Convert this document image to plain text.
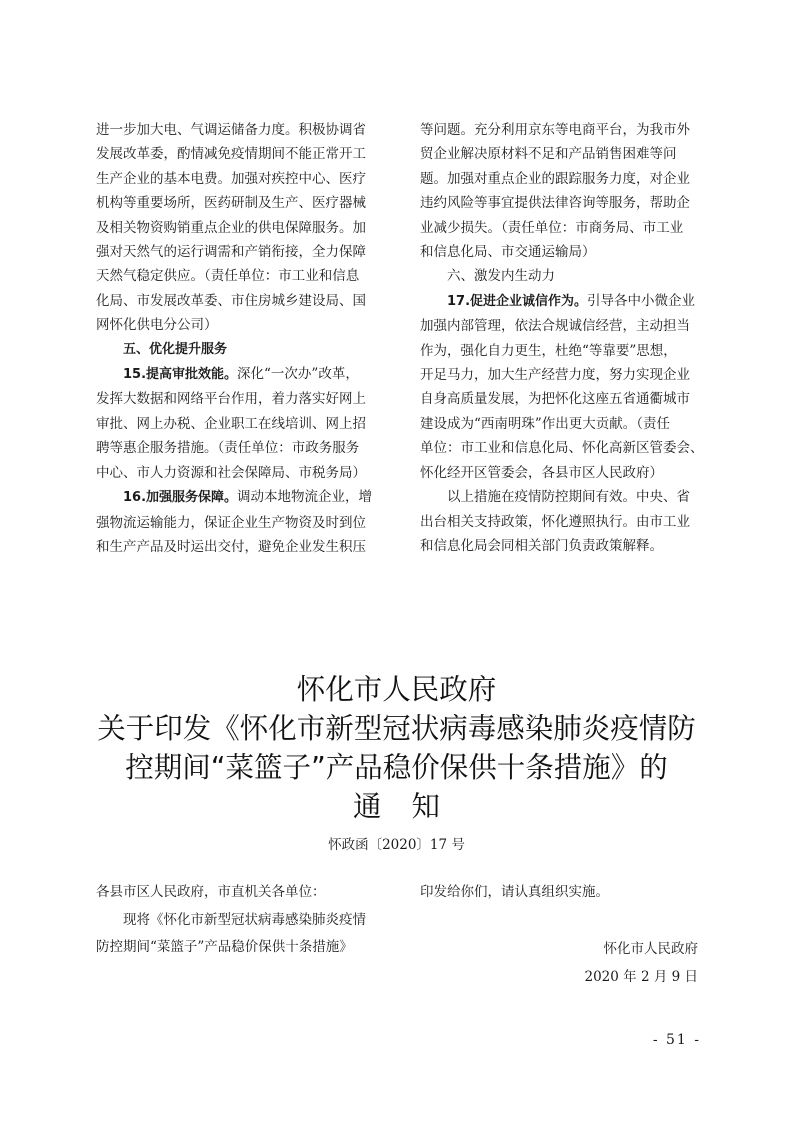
进一步加大电、气调运储备力度。积极协调省

发展改革委，酌情减免疫情期间不能正常开工

生产企业的基本电费。加强对疾控中心、医疗

机构等重要场所，医药研制及生产、医疗器械

及相关物资购销重点企业的供电保障服务。加

强对天然气的运行调需和产销衔接，全力保障

天然气稳定供应。（责任单位：市工业和信息

化局、市发展改革委、市住房城乡建设局、国

网怀化供电分公司）

五、优化提升服务

15.提高审批效能。深化“一次办”改革，

发挥大数据和网络平台作用，着力落实好网上

审批、网上办税、企业职工在线培训、网上招

聘等惠企服务措施。（责任单位：市政务服务

中心、市人力资源和社会保障局、市税务局）

16.加强服务保障。调动本地物流企业，增

强物流运输能力，保证企业生产物资及时到位

和生产产品及时运出交付，避免企业发生积压

等问题。充分利用京东等电商平台，为我市外

贸企业解决原材料不足和产品销售困难等问

题。加强对重点企业的跟踪服务力度，对企业

违约风险等事宜提供法律咨询等服务，帮助企

业减少损失。（责任单位：市商务局、市工业

和信息化局、市交通运输局）

六、激发内生动力

17.促进企业诚信作为。引导各中小微企业

加强内部管理，依法合规诚信经营，主动担当

作为，强化自力更生，杜绝“等靠要”思想，

开足马力，加大生产经营力度，努力实现企业

自身高质量发展，为把怀化这座五省通衢城市

建设成为“西南明珠”作出更大贡献。（责任

单位：市工业和信息化局、怀化高新区管委会、

怀化经开区管委会，各县市区人民政府）

以上措施在疫情防控期间有效。中央、省

出台相关支持政策，怀化遵照执行。由市工业

和信息化局会同相关部门负责政策解释。

怀化市人民政府
关于印发《怀化市新型冠状病毒感染肺炎疫情防
控期间“菜篮子”产品稳价保供十条措施》的
通知
怀政函〔2020〕17 号

各县市区人民政府，市直机关各单位：

现将《怀化市新型冠状病毒感染肺炎疫情

防控期间“菜篮子”产品稳价保供十条措施》

印发给你们，请认真组织实施。

怀化市人民政府
2020 年 2 月 9 日
- 51 -
